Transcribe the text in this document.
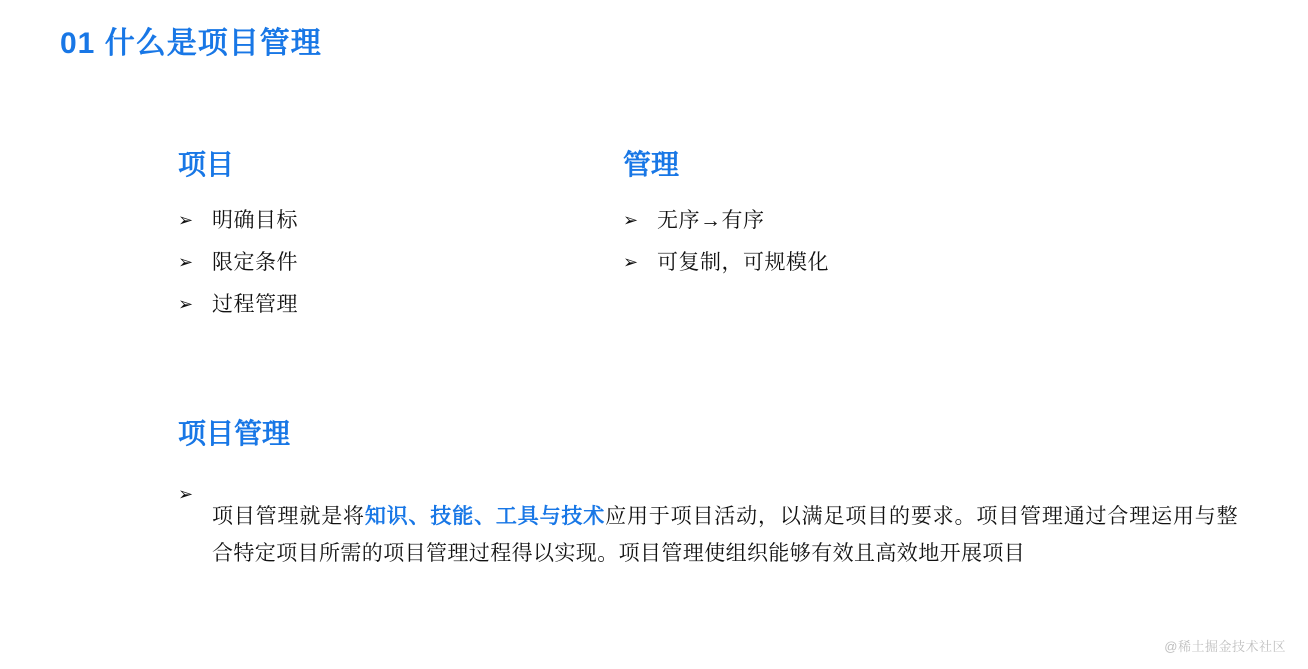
01 什么是项目管理
项目
➢ 明确目标
➢ 限定条件
➢ 过程管理
管理
➢ 无序→有序
➢ 可复制，可规模化
项目管理
➢

项目管理就是将知识、技能、工具与技术应用于项目活动，以满足项目的要求。项目管理通过合理运用与整合特定项目所需的项目管理过程得以实现。项目管理使组织能够有效且高效地开展项目

@稀土掘金技术社区
